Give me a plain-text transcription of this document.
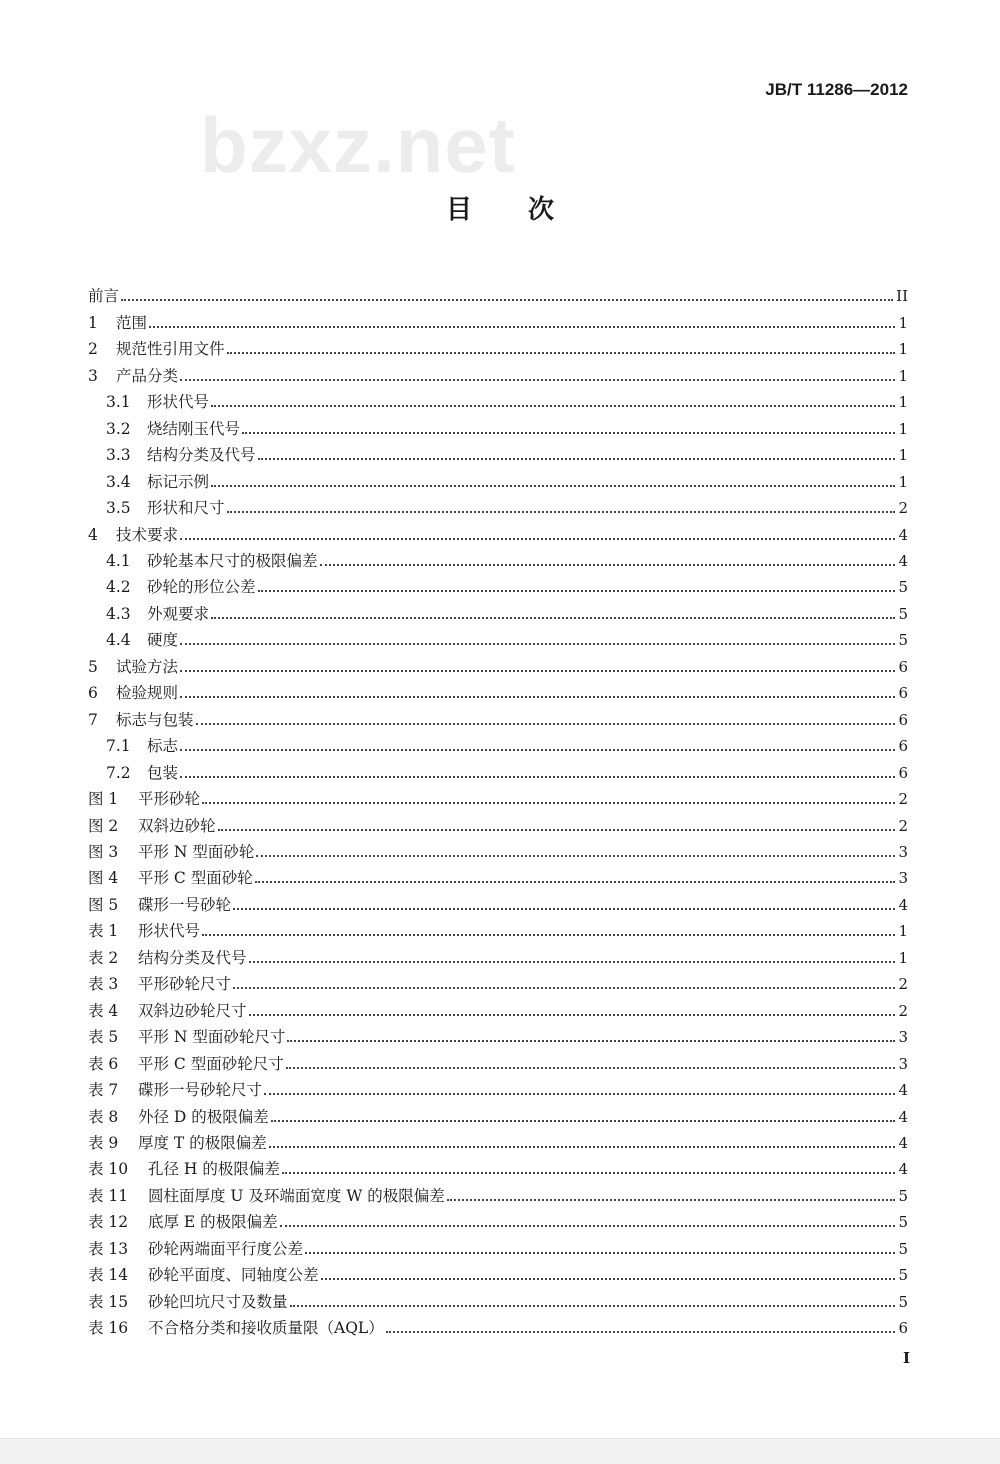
JB/T 11286—2012
bzxz.net
目次
前言	II
1	范围	1
2	规范性引用文件	1
3	产品分类	1
3.1	形状代号	1
3.2	烧结刚玉代号	1
3.3	结构分类及代号	1
3.4	标记示例	1
3.5	形状和尺寸	2
4	技术要求	4
4.1	砂轮基本尺寸的极限偏差	4
4.2	砂轮的形位公差	5
4.3	外观要求	5
4.4	硬度	5
5	试验方法	6
6	检验规则	6
7	标志与包装	6
7.1	标志	6
7.2	包装	6
图 1	平形砂轮	2
图 2	双斜边砂轮	2
图 3	平形 N 型面砂轮	3
图 4	平形 C 型面砂轮	3
图 5	碟形一号砂轮	4
表 1	形状代号	1
表 2	结构分类及代号	1
表 3	平形砂轮尺寸	2
表 4	双斜边砂轮尺寸	2
表 5	平形 N 型面砂轮尺寸	3
表 6	平形 C 型面砂轮尺寸	3
表 7	碟形一号砂轮尺寸	4
表 8	外径 D 的极限偏差	4
表 9	厚度 T 的极限偏差	4
表 10	孔径 H 的极限偏差	4
表 11	圆柱面厚度 U 及环端面宽度 W 的极限偏差	5
表 12	底厚 E 的极限偏差	5
表 13	砂轮两端面平行度公差	5
表 14	砂轮平面度、同轴度公差	5
表 15	砂轮凹坑尺寸及数量	5
表 16	不合格分类和接收质量限（AQL）	6
I
